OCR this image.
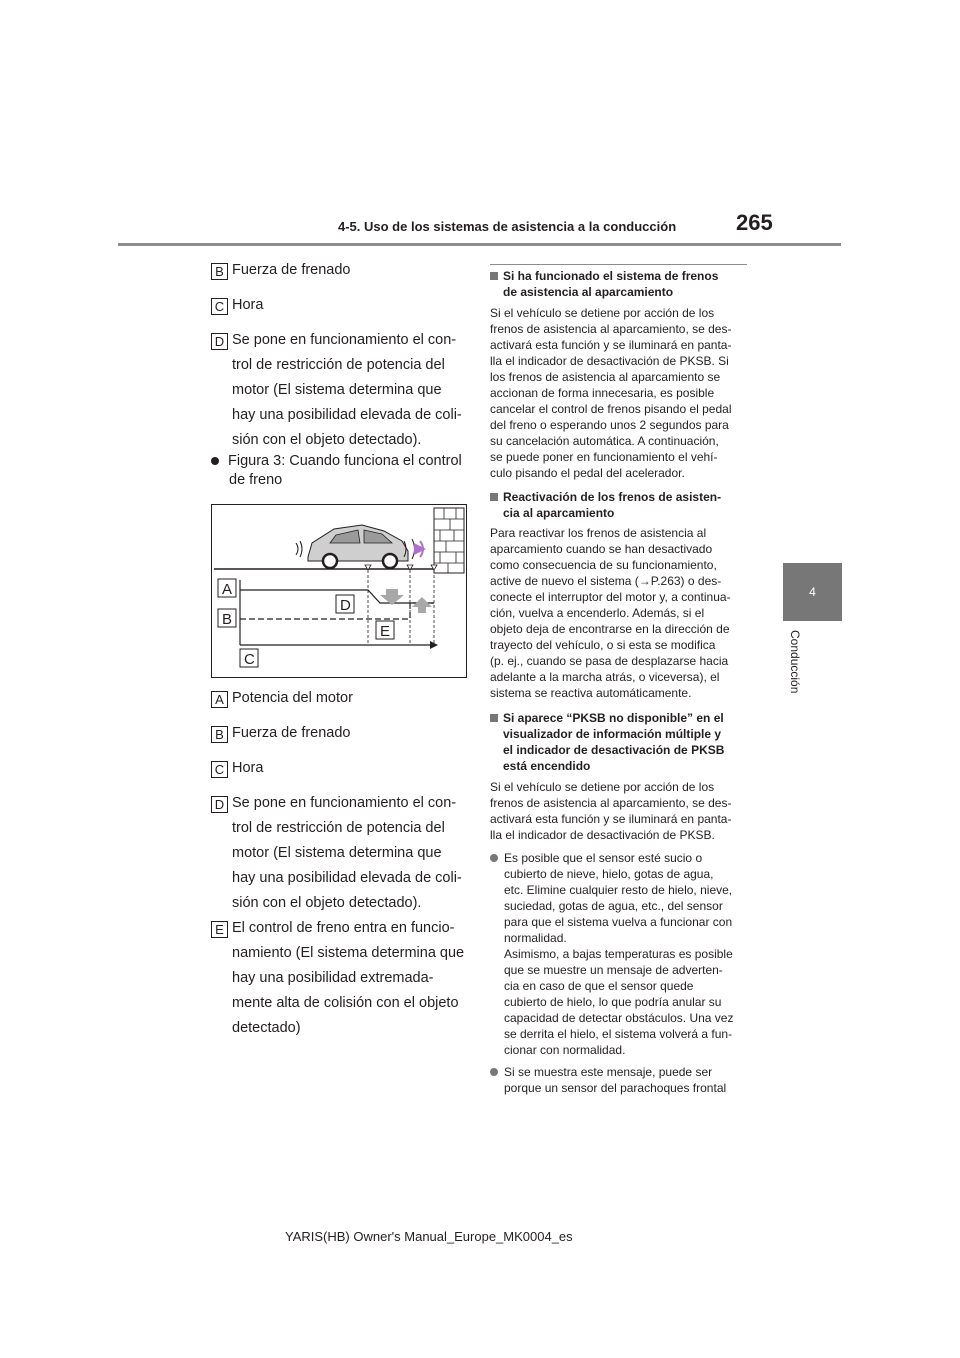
4-5. Uso de los sistemas de asistencia a la conducción	265
4
Conducción
B Fuerza de frenado
C Hora
D Se pone en funcionamiento el con-
trol de restricción de potencia del
motor (El sistema determina que
hay una posibilidad elevada de coli-
sión con el objeto detectado).
Figura 3: Cuando funciona el control
de freno
A
B
C
D
E
A Potencia del motor
B Fuerza de frenado
C Hora
D Se pone en funcionamiento el con-
trol de restricción de potencia del
motor (El sistema determina que
hay una posibilidad elevada de coli-
sión con el objeto detectado).
E El control de freno entra en funcio-
namiento (El sistema determina que
hay una posibilidad extremada-
mente alta de colisión con el objeto
detectado)
Si ha funcionado el sistema de frenos
de asistencia al aparcamiento
Si el vehículo se detiene por acción de los
frenos de asistencia al aparcamiento, se des-
activará esta función y se iluminará en panta-
lla el indicador de desactivación de PKSB. Si
los frenos de asistencia al aparcamiento se
accionan de forma innecesaria, es posible
cancelar el control de frenos pisando el pedal
del freno o esperando unos 2 segundos para
su cancelación automática. A continuación,
se puede poner en funcionamiento el vehí-
culo pisando el pedal del acelerador.
Reactivación de los frenos de asisten-
cia al aparcamiento
Para reactivar los frenos de asistencia al
aparcamiento cuando se han desactivado
como consecuencia de su funcionamiento,
active de nuevo el sistema (→P.263) o des-
conecte el interruptor del motor y, a continua-
ción, vuelva a encenderlo. Además, si el
objeto deja de encontrarse en la dirección de
trayecto del vehículo, o si esta se modifica
(p. ej., cuando se pasa de desplazarse hacia
adelante a la marcha atrás, o viceversa), el
sistema se reactiva automáticamente.
Si aparece “PKSB no disponible” en el
visualizador de información múltiple y
el indicador de desactivación de PKSB
está encendido
Si el vehículo se detiene por acción de los
frenos de asistencia al aparcamiento, se des-
activará esta función y se iluminará en panta-
lla el indicador de desactivación de PKSB.
Es posible que el sensor esté sucio o
cubierto de nieve, hielo, gotas de agua,
etc. Elimine cualquier resto de hielo, nieve,
suciedad, gotas de agua, etc., del sensor
para que el sistema vuelva a funcionar con
normalidad.
Asimismo, a bajas temperaturas es posible
que se muestre un mensaje de adverten-
cia en caso de que el sensor quede
cubierto de hielo, lo que podría anular su
capacidad de detectar obstáculos. Una vez
se derrita el hielo, el sistema volverá a fun-
cionar con normalidad.
Si se muestra este mensaje, puede ser
porque un sensor del parachoques frontal
YARIS(HB) Owner's Manual_Europe_MK0004_es
